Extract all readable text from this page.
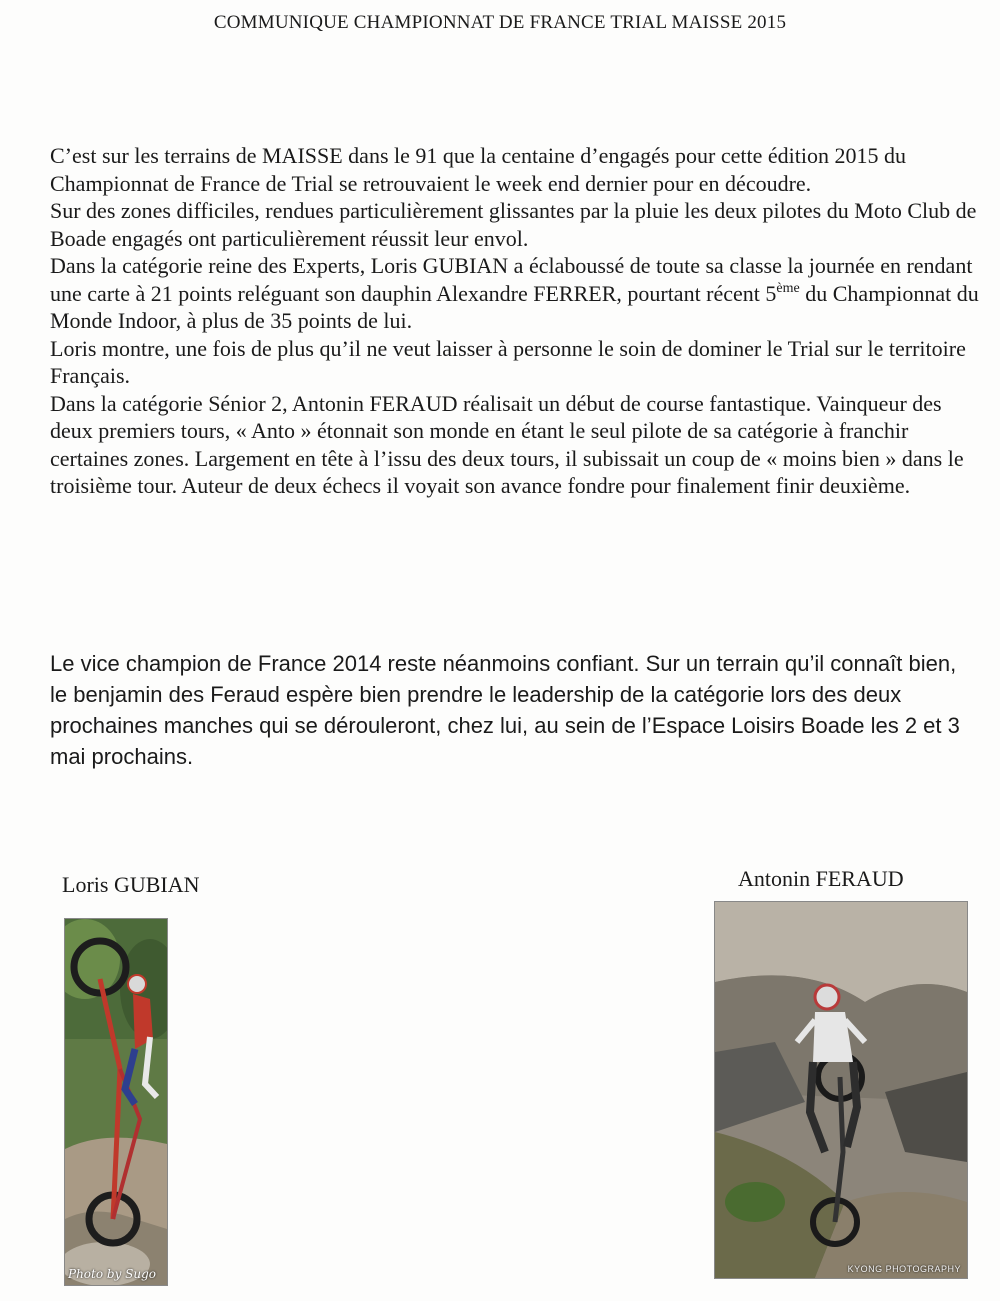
COMMUNIQUE CHAMPIONNAT DE FRANCE TRIAL MAISSE 2015

C’est sur les terrains de MAISSE dans le 91 que la centaine d’engagés pour cette édition 2015 du Championnat de France de Trial se retrouvaient le week end dernier pour en découdre.

Sur des zones difficiles, rendues particulièrement glissantes par la pluie les deux pilotes du Moto Club de Boade engagés ont particulièrement réussit leur envol.

Dans la catégorie reine des Experts, Loris GUBIAN a éclaboussé de toute sa classe la journée en rendant une carte à 21 points reléguant son dauphin Alexandre FERRER, pourtant récent 5ème du Championnat du Monde Indoor, à plus de 35 points de lui.

Loris montre, une fois de plus qu’il ne veut laisser à personne le soin de dominer le Trial sur le territoire Français.

Dans la catégorie Sénior 2, Antonin FERAUD réalisait un début de course fantastique. Vainqueur des deux premiers tours, « Anto » étonnait son monde en étant le seul pilote de sa catégorie à franchir certaines zones. Largement en tête à l’issu des deux tours, il subissait un coup de « moins bien » dans le troisième tour. Auteur de deux échecs il voyait son avance fondre pour finalement finir deuxième.

Le vice champion de France 2014 reste néanmoins confiant. Sur un terrain qu’il connaît bien, le benjamin des Feraud espère bien prendre le leadership de la catégorie lors des deux prochaines manches qui se dérouleront, chez lui, au sein de l’Espace Loisirs Boade les 2 et 3 mai prochains.

Loris GUBIAN	Antonin FERAUD
Photo by Sugo	KYONG PHOTOGRAPHY
